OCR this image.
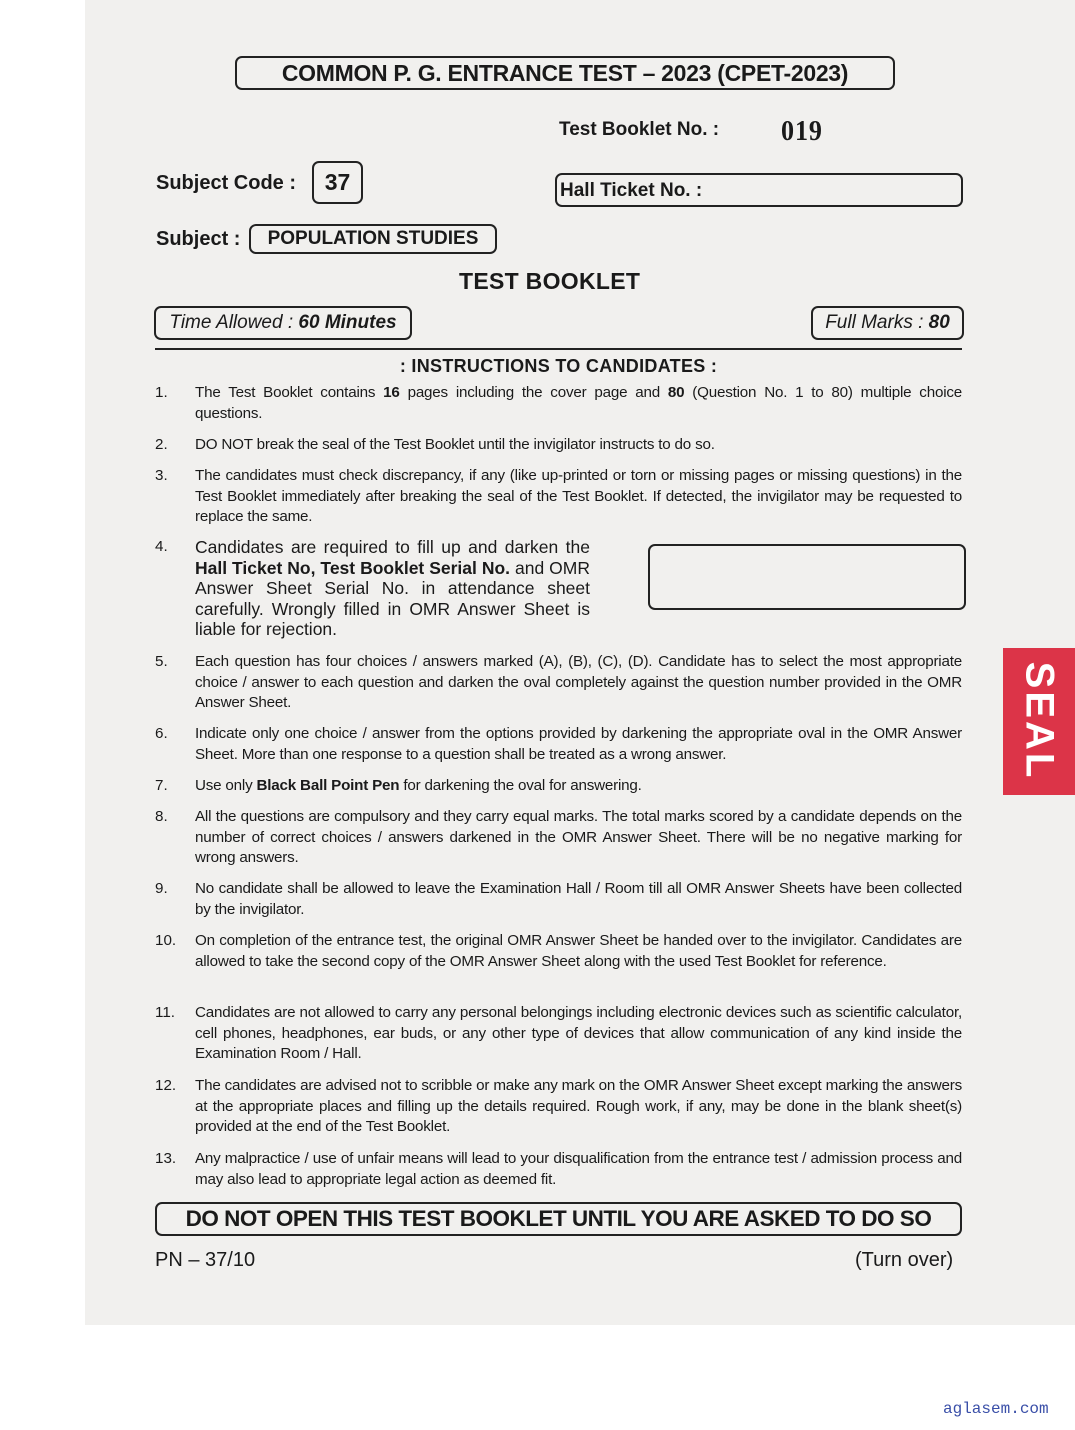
COMMON P. G. ENTRANCE TEST – 2023 (CPET-2023)
Test Booklet No. : 019
Subject Code :	37	Hall Ticket No. :
Subject :	POPULATION STUDIES
TEST BOOKLET
Time Allowed : 60 Minutes	Full Marks : 80
: INSTRUCTIONS TO CANDIDATES :
1.	The Test Booklet contains 16 pages including the cover page and 80 (Question No. 1 to 80) multiple choice questions.
2.	DO NOT break the seal of the Test Booklet until the invigilator instructs to do so.
3.	The candidates must check discrepancy, if any (like up-printed or torn or missing pages or missing questions) in the Test Booklet immediately after breaking the seal of the Test Booklet. If detected, the invigilator may be requested to replace the same.
4.	Candidates are required to fill up and darken the Hall Ticket No, Test Booklet Serial No. and OMR Answer Sheet Serial No. in attendance sheet carefully. Wrongly filled in OMR Answer Sheet is liable for rejection.
5.	Each question has four choices / answers marked (A), (B), (C), (D). Candidate has to select the most appropriate choice / answer to each question and darken the oval completely against the question number provided in the OMR Answer Sheet.
6.	Indicate only one choice / answer from the options provided by darkening the appropriate oval in the OMR Answer Sheet. More than one response to a question shall be treated as a wrong answer.
7.	Use only Black Ball Point Pen for darkening the oval for answering.
8.	All the questions are compulsory and they carry equal marks. The total marks scored by a candidate depends on the number of correct choices / answers darkened in the OMR Answer Sheet. There will be no negative marking for wrong answers.
9.	No candidate shall be allowed to leave the Examination Hall / Room till all OMR Answer Sheets have been collected by the invigilator.
10.	On completion of the entrance test, the original OMR Answer Sheet be handed over to the invigilator. Candidates are allowed to take the second copy of the OMR Answer Sheet along with the used Test Booklet for reference.
11.	Candidates are not allowed to carry any personal belongings including electronic devices such as scientific calculator, cell phones, headphones, ear buds, or any other type of devices that allow communication of any kind inside the Examination Room / Hall.
12.	The candidates are advised not to scribble or make any mark on the OMR Answer Sheet except marking the answers at the appropriate places and filling up the details required. Rough work, if any, may be done in the blank sheet(s) provided at the end of the Test Booklet.
13.	Any malpractice / use of unfair means will lead to your disqualification from the entrance test / admission process and may also lead to appropriate legal action as deemed fit.
DO NOT OPEN THIS TEST BOOKLET UNTIL YOU ARE ASKED TO DO SO
PN – 37/10	(Turn over)
SEAL
aglasem.com
